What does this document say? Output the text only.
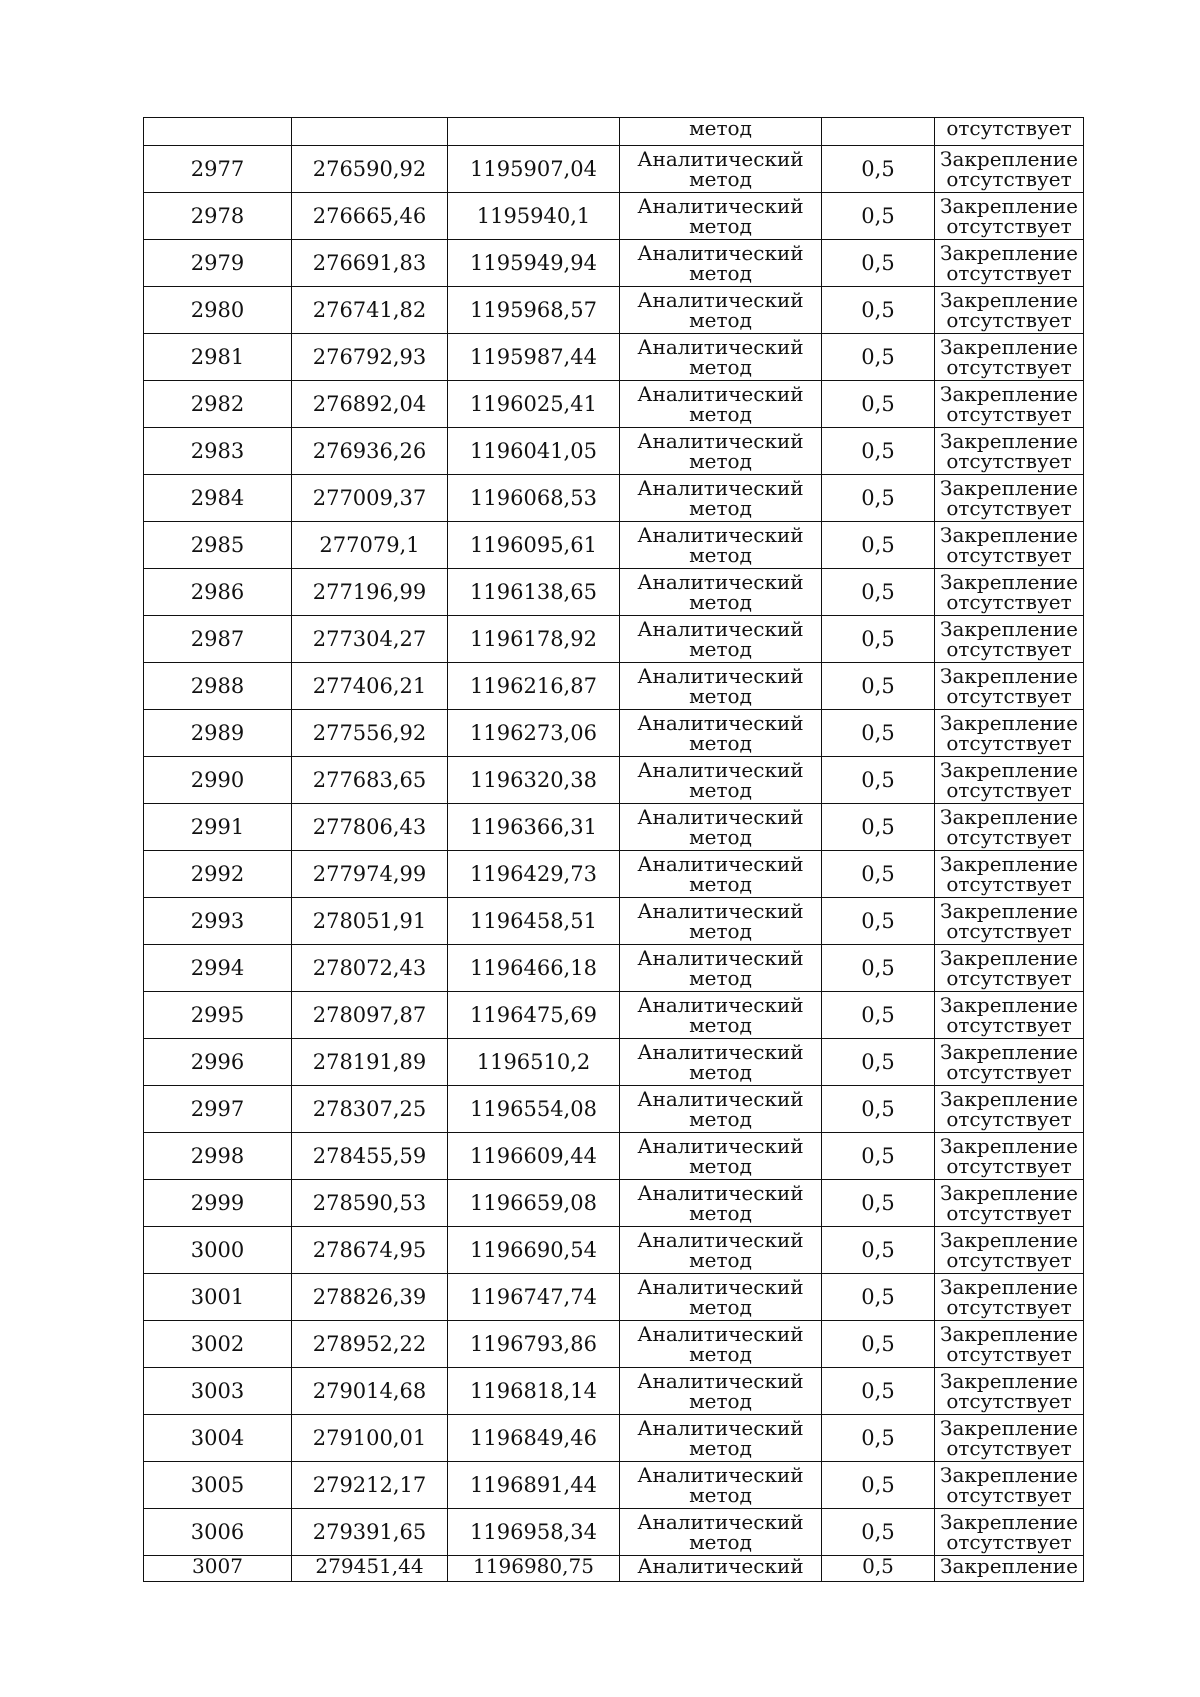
			метод		отсутствует

2977	276590,92	1195907,04	Аналитический
метод	0,5	Закрепление
отсутствует

2978	276665,46	1195940,1	Аналитический
метод	0,5	Закрепление
отсутствует

2979	276691,83	1195949,94	Аналитический
метод	0,5	Закрепление
отсутствует

2980	276741,82	1195968,57	Аналитический
метод	0,5	Закрепление
отсутствует

2981	276792,93	1195987,44	Аналитический
метод	0,5	Закрепление
отсутствует

2982	276892,04	1196025,41	Аналитический
метод	0,5	Закрепление
отсутствует

2983	276936,26	1196041,05	Аналитический
метод	0,5	Закрепление
отсутствует

2984	277009,37	1196068,53	Аналитический
метод	0,5	Закрепление
отсутствует

2985	277079,1	1196095,61	Аналитический
метод	0,5	Закрепление
отсутствует

2986	277196,99	1196138,65	Аналитический
метод	0,5	Закрепление
отсутствует

2987	277304,27	1196178,92	Аналитический
метод	0,5	Закрепление
отсутствует

2988	277406,21	1196216,87	Аналитический
метод	0,5	Закрепление
отсутствует

2989	277556,92	1196273,06	Аналитический
метод	0,5	Закрепление
отсутствует

2990	277683,65	1196320,38	Аналитический
метод	0,5	Закрепление
отсутствует

2991	277806,43	1196366,31	Аналитический
метод	0,5	Закрепление
отсутствует

2992	277974,99	1196429,73	Аналитический
метод	0,5	Закрепление
отсутствует

2993	278051,91	1196458,51	Аналитический
метод	0,5	Закрепление
отсутствует

2994	278072,43	1196466,18	Аналитический
метод	0,5	Закрепление
отсутствует

2995	278097,87	1196475,69	Аналитический
метод	0,5	Закрепление
отсутствует

2996	278191,89	1196510,2	Аналитический
метод	0,5	Закрепление
отсутствует

2997	278307,25	1196554,08	Аналитический
метод	0,5	Закрепление
отсутствует

2998	278455,59	1196609,44	Аналитический
метод	0,5	Закрепление
отсутствует

2999	278590,53	1196659,08	Аналитический
метод	0,5	Закрепление
отсутствует

3000	278674,95	1196690,54	Аналитический
метод	0,5	Закрепление
отсутствует

3001	278826,39	1196747,74	Аналитический
метод	0,5	Закрепление
отсутствует

3002	278952,22	1196793,86	Аналитический
метод	0,5	Закрепление
отсутствует

3003	279014,68	1196818,14	Аналитический
метод	0,5	Закрепление
отсутствует

3004	279100,01	1196849,46	Аналитический
метод	0,5	Закрепление
отсутствует

3005	279212,17	1196891,44	Аналитический
метод	0,5	Закрепление
отсутствует

3006	279391,65	1196958,34	Аналитический
метод	0,5	Закрепление
отсутствует

3007	279451,44	1196980,75	Аналитический	0,5	Закрепление
